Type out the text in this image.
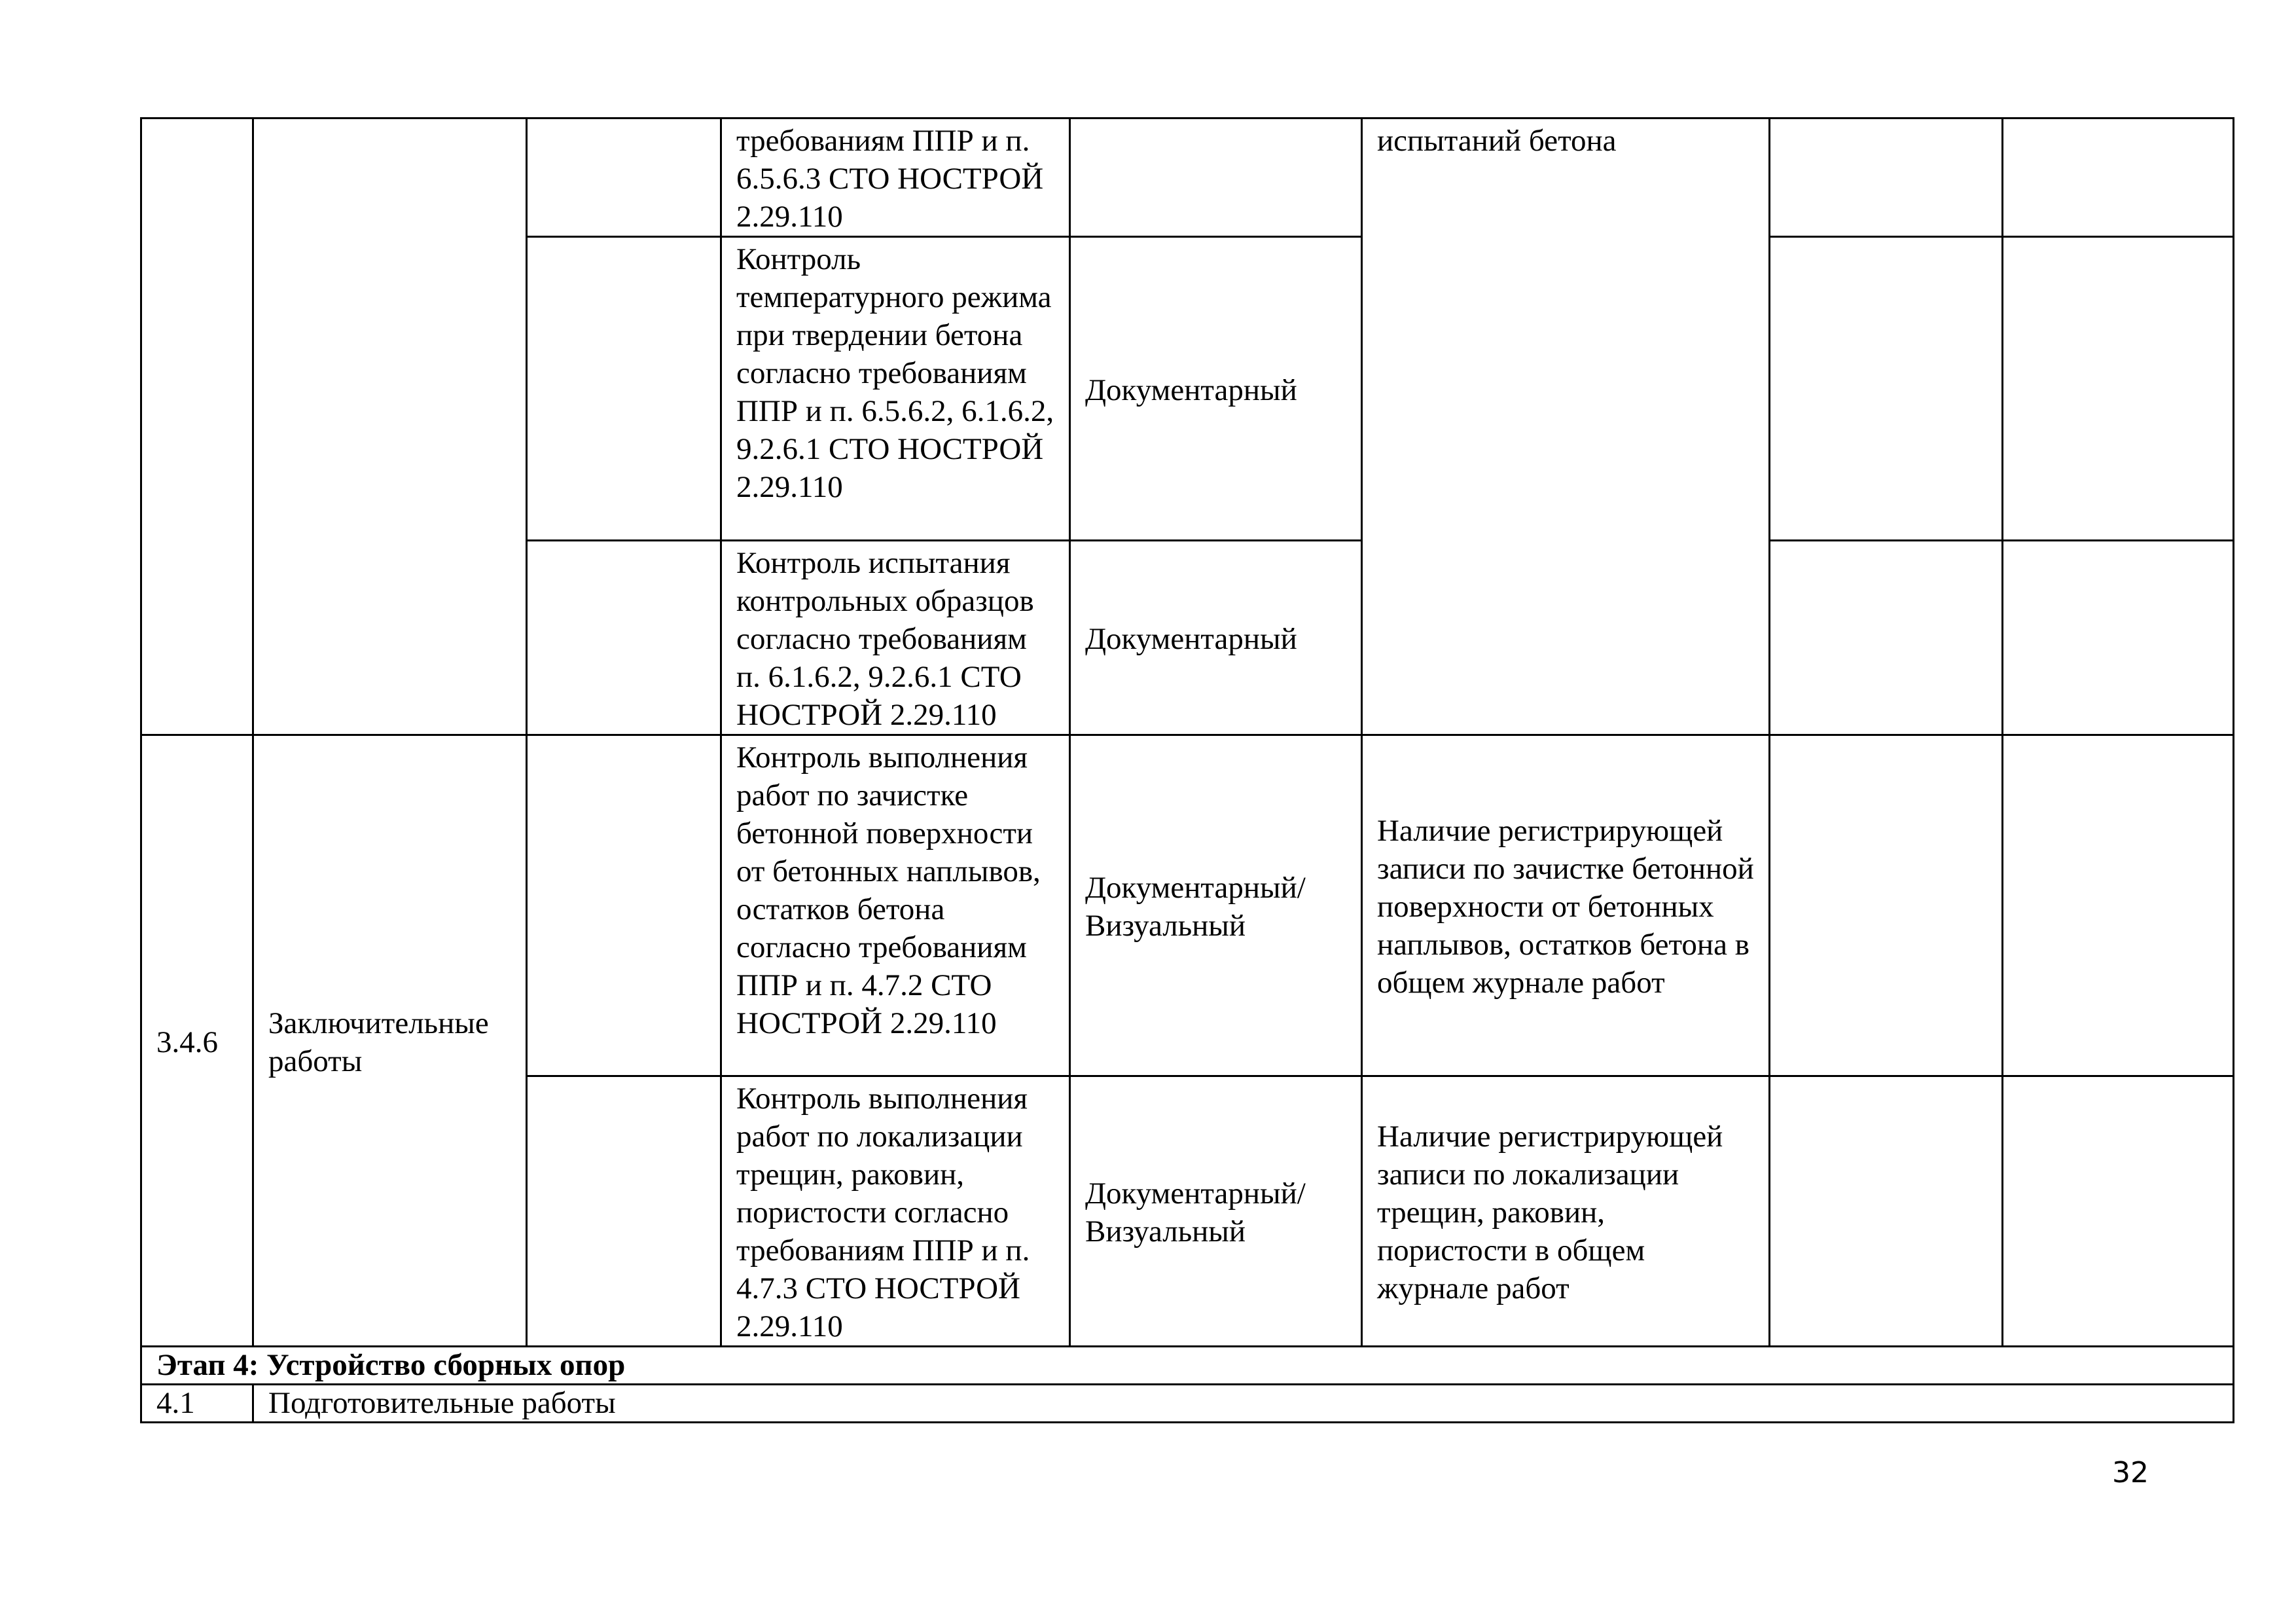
			требованиям ППР и п. 6.5.6.3 СТО НОСТРОЙ 2.29.110		испытаний бетона		
			Контроль температурного режима при твердении бетона согласно требованиям ППР и п. 6.5.6.2, 6.1.6.2, 9.2.6.1 СТО НОСТРОЙ 2.29.110	Документарный			
			Контроль испытания контрольных образцов согласно требованиям п. 6.1.6.2, 9.2.6.1 СТО НОСТРОЙ 2.29.110	Документарный			
3.4.6	Заключительные работы		Контроль выполнения работ по зачистке бетонной поверхности от бетонных наплывов, остатков бетона согласно требованиям ППР и п. 4.7.2 СТО НОСТРОЙ 2.29.110	Документарный/ Визуальный	Наличие регистрирующей записи по зачистке бетонной поверхности от бетонных наплывов, остатков бетона в общем журнале работ		
			Контроль выполнения работ по локализации трещин, раковин, пористости согласно требованиям ППР и п. 4.7.3 СТО НОСТРОЙ 2.29.110	Документарный/ Визуальный	Наличие регистрирующей записи по локализации трещин, раковин, пористости в общем журнале работ		
Этап 4: Устройство сборных опор							
4.1	Подготовительные работы						
32
